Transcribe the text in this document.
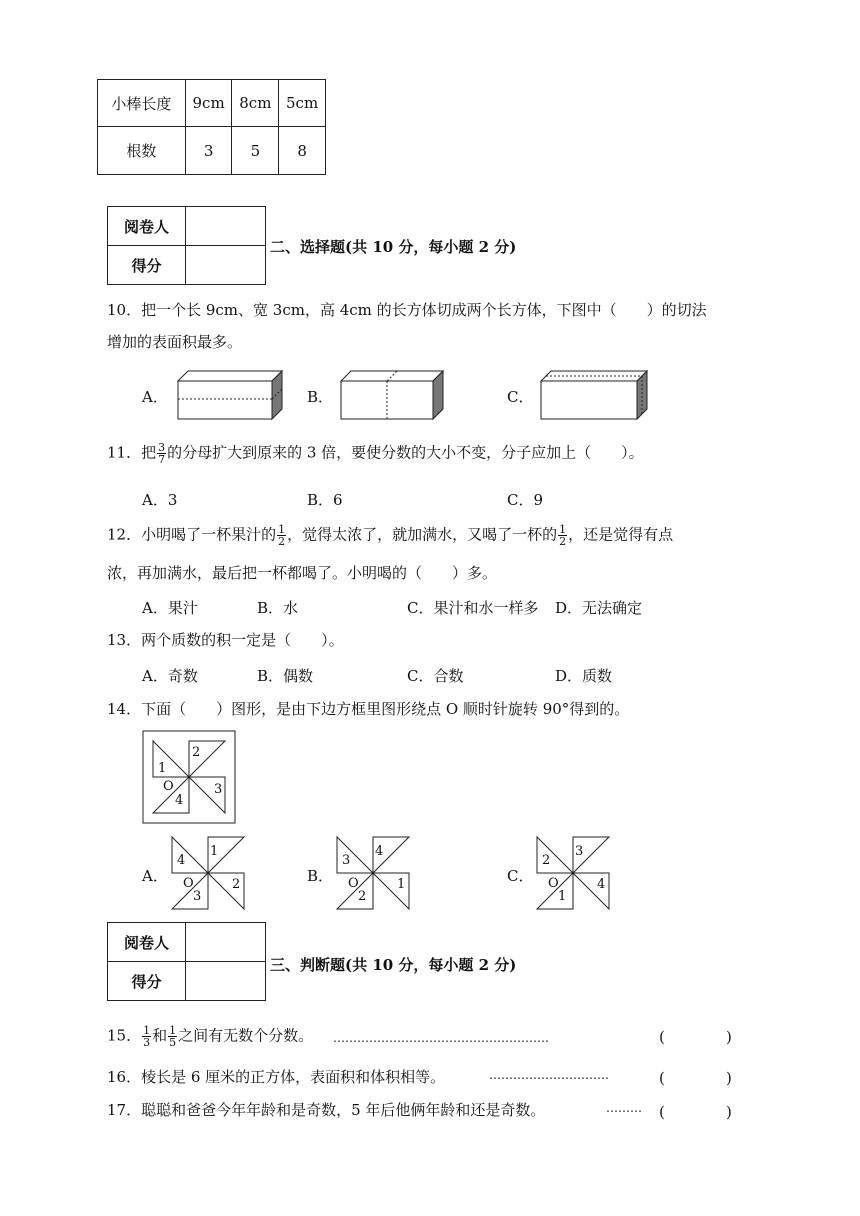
小棒长度	9cm	8cm	5cm
根数	3	5	8
阅卷人	
得分	
二、选择题(共 10 分，每小题 2 分)
10．把一个长 9cm、宽 3cm，高 4cm 的长方体切成两个长方体，下图中（　　）的切法
增加的表面积最多。
A．	B．	C．
11．把 $\frac{3}{7}$ 的分母扩大到原来的 3 倍，要使分数的大小不变，分子应加上（　　）。
A．3	B．6	C．9
12．小明喝了一杯果汁的 $\frac{1}{2}$ ，觉得太浓了，就加满水，又喝了一杯的 $\frac{1}{2}$ ，还是觉得有点
浓，再加满水，最后把一杯都喝了。小明喝的（　　）多。
A．果汁	B．水	C．果汁和水一样多 D．无法确定
13．两个质数的积一定是（　　）。
A．奇数	B．偶数	C．合数	D．质数
14．下面（　　）图形，是由下边方框里图形绕点 O 顺时针旋转 90°得到的。
1
2
3
4
O
A．
4
1
2
3
O	B．
3
4
1
2
O	C．
2
3
4
1
O
阅卷人	
得分	
三、判断题(共 10 分，每小题 2 分)
15． $\frac{1}{3}$ 和 $\frac{1}{5}$ 之间有无数个分数。 ………………………………………………	(	)
16．棱长是 6 厘米的正方体，表面积和体积相等。	…………………………	(	)
17．聪聪和爸爸今年年龄和是奇数，5 年后他俩年龄和还是奇数。	………	(	)
